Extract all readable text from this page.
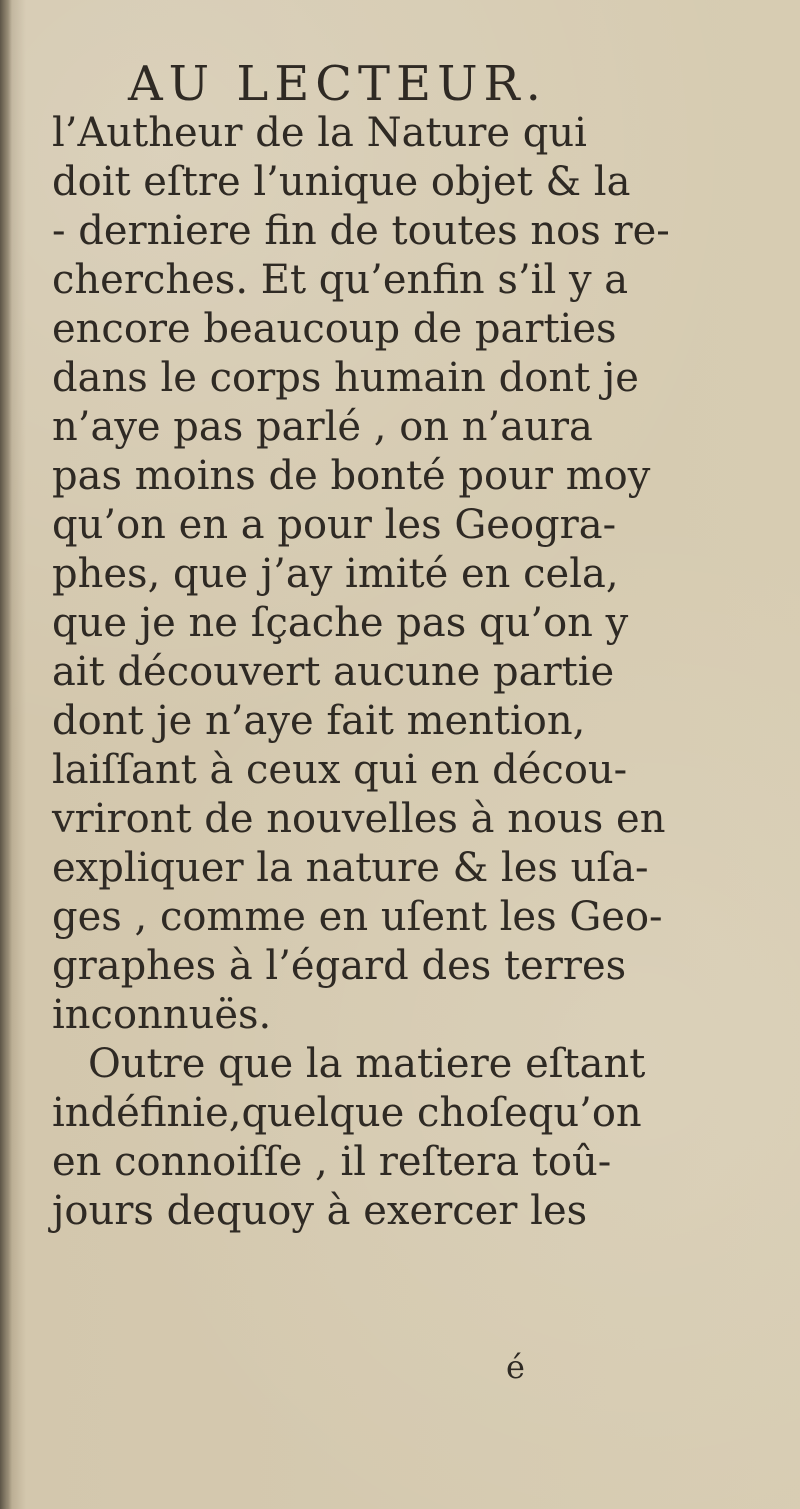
AU LECTEUR.
l’Autheur de la Nature qui
doit eſtre l’unique objet & la
- derniere fin de toutes nos re-
cherches. Et qu’enfin s’il y a
encore beaucoup de parties
dans le corps humain dont je
n’aye pas parlé , on n’aura
pas moins de bonté pour moy
qu’on en a pour les Geogra-
phes, que j’ay imité en cela,
que je ne ſçache pas qu’on y
ait découvert aucune partie
dont je n’aye fait mention,
laiſſant à ceux qui en décou-
vriront de nouvelles à nous en
expliquer la nature & les uſa-
ges , comme en uſent les Geo-
graphes à l’égard des terres
inconnuës.
Outre que la matiere eſtant
indéfinie,quelque choſequ’on
en connoiſſe , il reſtera toû-
jours dequoy à exercer les
é
